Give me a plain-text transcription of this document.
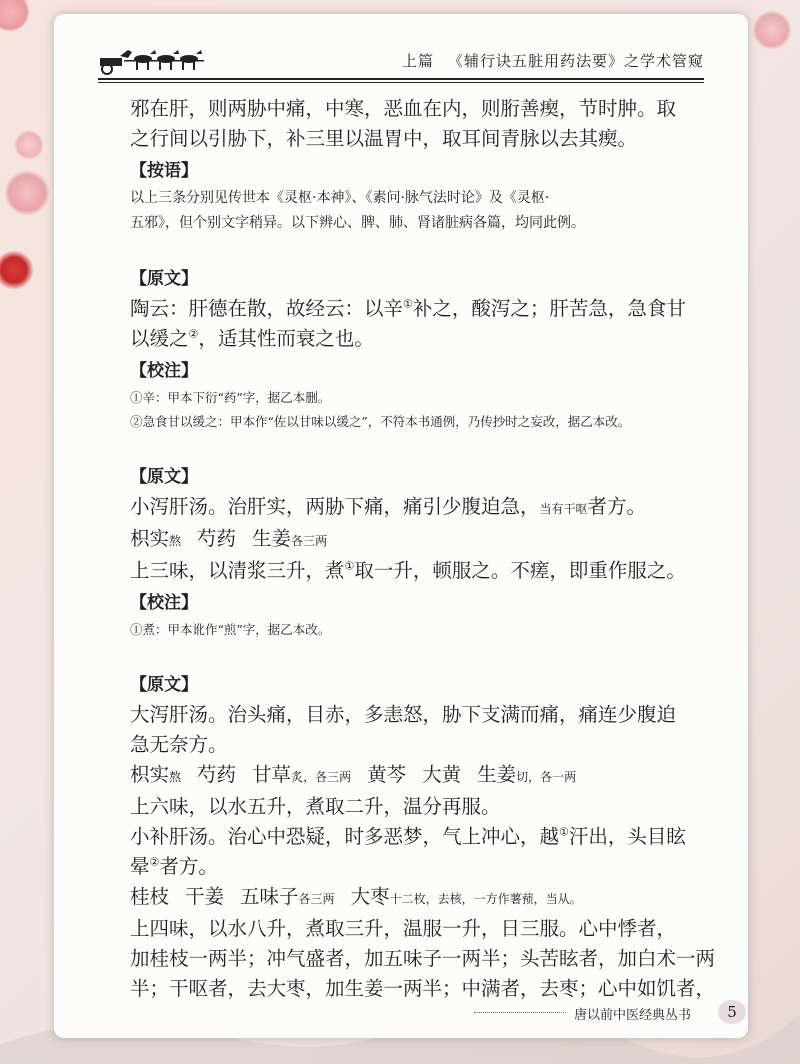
上篇 《辅行诀五脏用药法要》之学术管窥

邪在肝，则两胁中痛，中寒，恶血在内，则胻善瘈，节时肿。取

之行间以引胁下，补三里以温胃中，取耳间青脉以去其瘈。

【按语】

以上三条分别见传世本《灵枢·本神》、《素问·脉气法时论》及《灵枢·

五邪》，但个别文字稍异。以下辨心、脾、肺、肾诸脏病各篇，均同此例。

【原文】

陶云：肝德在散，故经云：以辛①补之，酸泻之；肝苦急，急食甘

以缓之②，适其性而衰之也。

【校注】

①辛：甲本下衍“药”字，据乙本删。

②急食甘以缓之：甲本作“佐以甘味以缓之”，不符本书通例，乃传抄时之妄改，据乙本改。

【原文】

小泻肝汤。治肝实，两胁下痛，痛引少腹迫急，当有干呕者方。

枳实熬 芍药 生姜各三两

上三味，以清浆三升，煮①取一升，顿服之。不瘥，即重作服之。

【校注】

①煮：甲本讹作“煎”字，据乙本改。

【原文】

大泻肝汤。治头痛，目赤，多恚怒，胁下支满而痛，痛连少腹迫

急无奈方。

枳实熬 芍药 甘草炙，各三两 黄芩 大黄 生姜切，各一两

上六味，以水五升，煮取二升，温分再服。

小补肝汤。治心中恐疑，时多恶梦，气上冲心，越①汗出，头目眩

晕②者方。

桂枝 干姜 五味子各三两 大枣十二枚，去核，一方作薯蓣，当从。

上四味，以水八升，煮取三升，温服一升，日三服。心中悸者，

加桂枝一两半；冲气盛者，加五味子一两半；头苦眩者，加白术一两

半；干呕者，去大枣，加生姜一两半；中满者，去枣；心中如饥者，

唐以前中医经典丛书	5
